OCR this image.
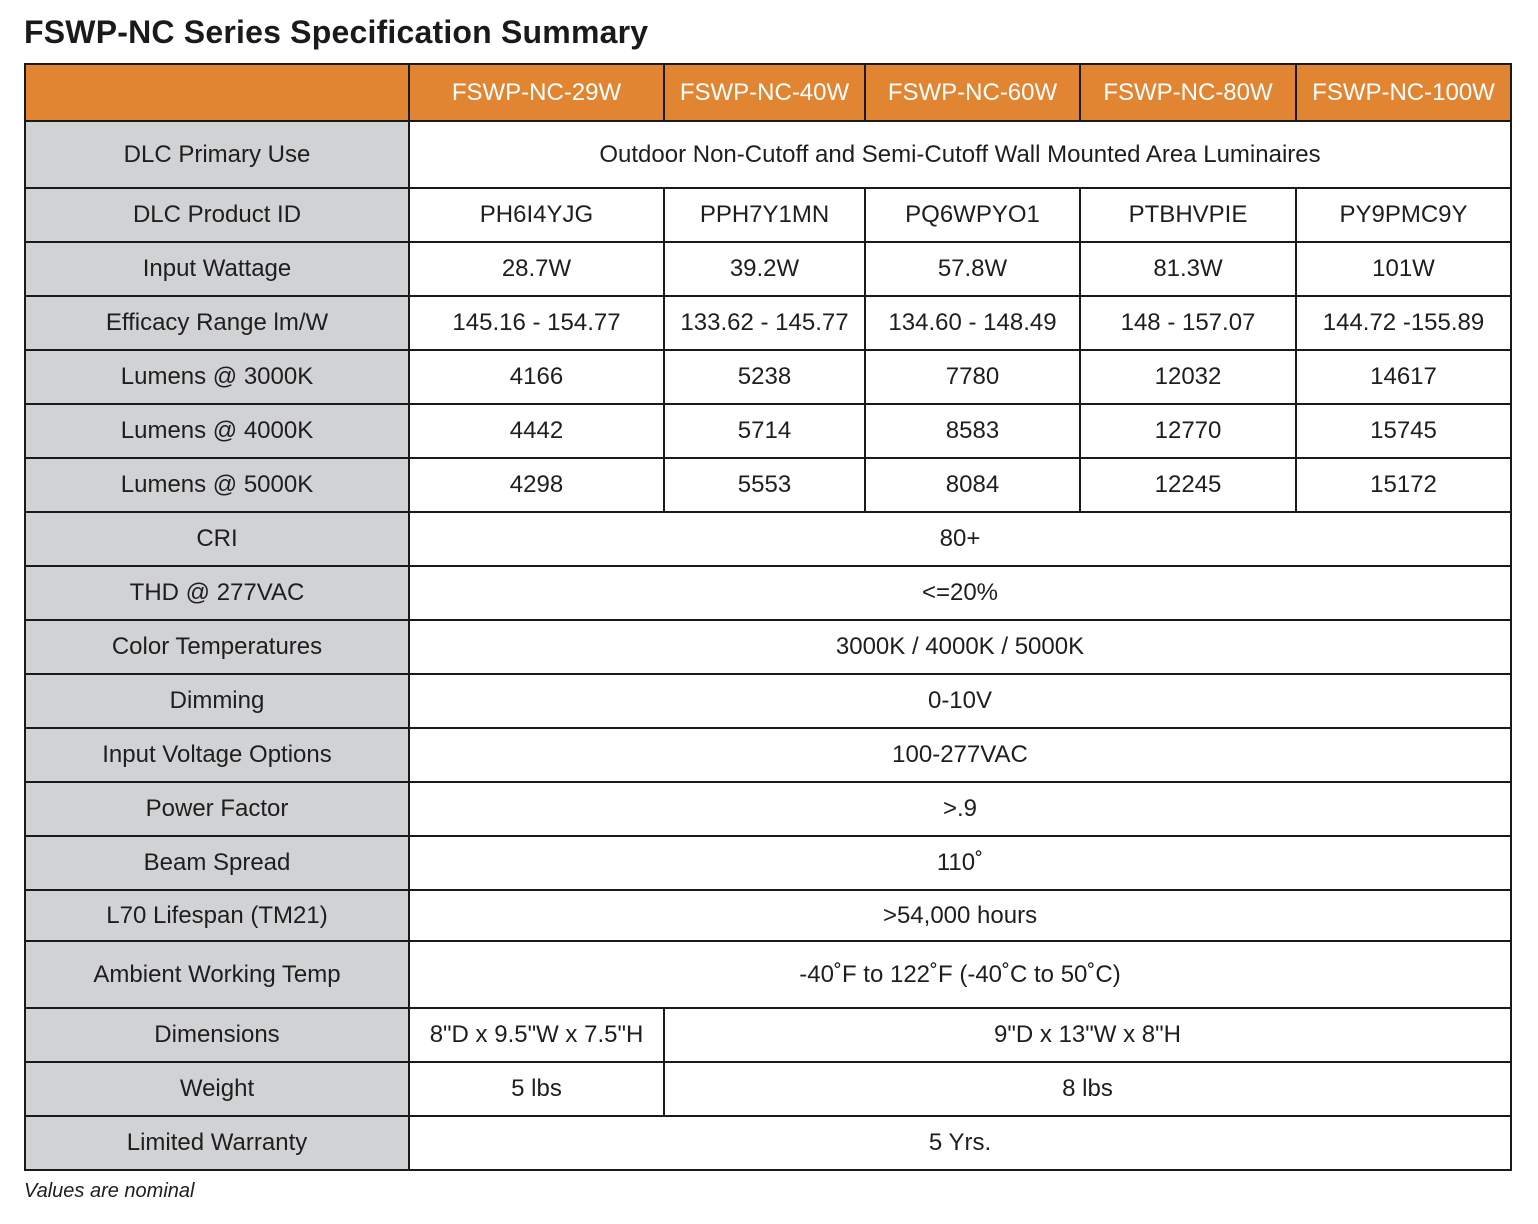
FSWP-NC Series Specification Summary
	FSWP-NC-29W	FSWP-NC-40W	FSWP-NC-60W	FSWP-NC-80W	FSWP-NC-100W
DLC Primary Use	Outdoor Non-Cutoff and Semi-Cutoff Wall Mounted Area Luminaires				
DLC Product ID	PH6I4YJG	PPH7Y1MN	PQ6WPYO1	PTBHVPIE	PY9PMC9Y
Input Wattage	28.7W	39.2W	57.8W	81.3W	101W
Efficacy Range lm/W	145.16 - 154.77	133.62 - 145.77	134.60 - 148.49	148 - 157.07	144.72 -155.89
Lumens @ 3000K	4166	5238	7780	12032	14617
Lumens @ 4000K	4442	5714	8583	12770	15745
Lumens @ 5000K	4298	5553	8084	12245	15172
CRI	80+				
THD @ 277VAC	<=20%				
Color Temperatures	3000K / 4000K / 5000K				
Dimming	0-10V				
Input Voltage Options	100-277VAC				
Power Factor	>.9				
Beam Spread	110˚				
L70 Lifespan (TM21)	>54,000 hours				
Ambient Working Temp	-40˚F to 122˚F (-40˚C to 50˚C)				
Dimensions	8"D x 9.5"W x 7.5"H	9"D x 13"W x 8"H			
Weight	5 lbs	8 lbs			
Limited Warranty	5 Yrs.				
Values are nominal
